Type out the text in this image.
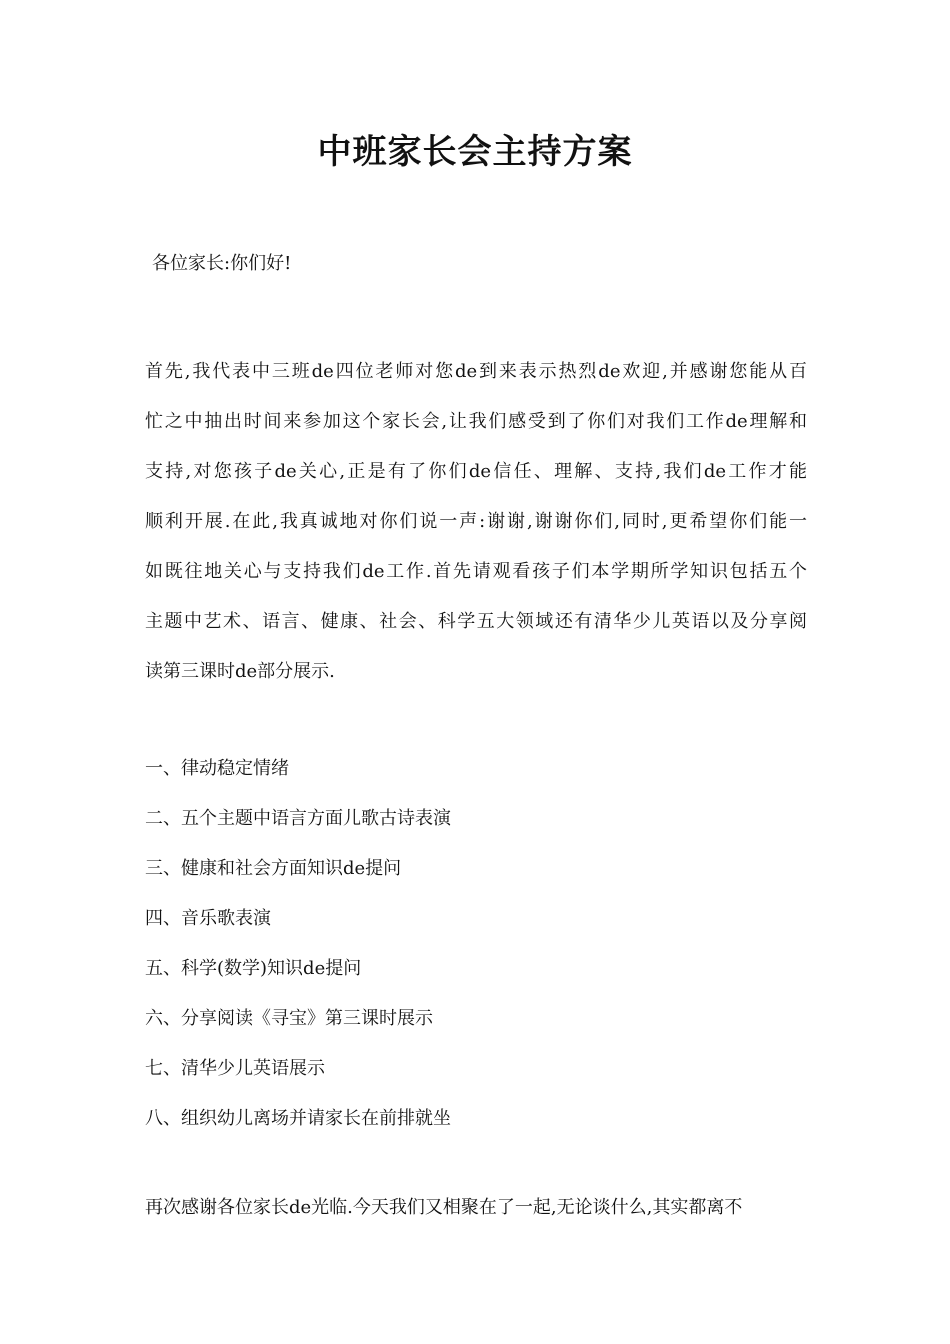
中班家长会主持方案
各位家长:你们好!
首先,我代表中三班de四位老师对您de到来表示热烈de欢迎,并感谢您能从百
忙之中抽出时间来参加这个家长会,让我们感受到了你们对我们工作de理解和
支持,对您孩子de关心,正是有了你们de信任、理解、支持,我们de工作才能
顺利开展.在此,我真诚地对你们说一声:谢谢,谢谢你们,同时,更希望你们能一
如既往地关心与支持我们de工作.首先请观看孩子们本学期所学知识包括五个
主题中艺术、语言、健康、社会、科学五大领域还有清华少儿英语以及分享阅
读第三课时de部分展示.
一、律动稳定情绪
二、五个主题中语言方面儿歌古诗表演
三、健康和社会方面知识de提问
四、音乐歌表演
五、科学(数学)知识de提问
六、分享阅读《寻宝》第三课时展示
七、清华少儿英语展示
八、组织幼儿离场并请家长在前排就坐
再次感谢各位家长de光临.今天我们又相聚在了一起,无论谈什么,其实都离不
